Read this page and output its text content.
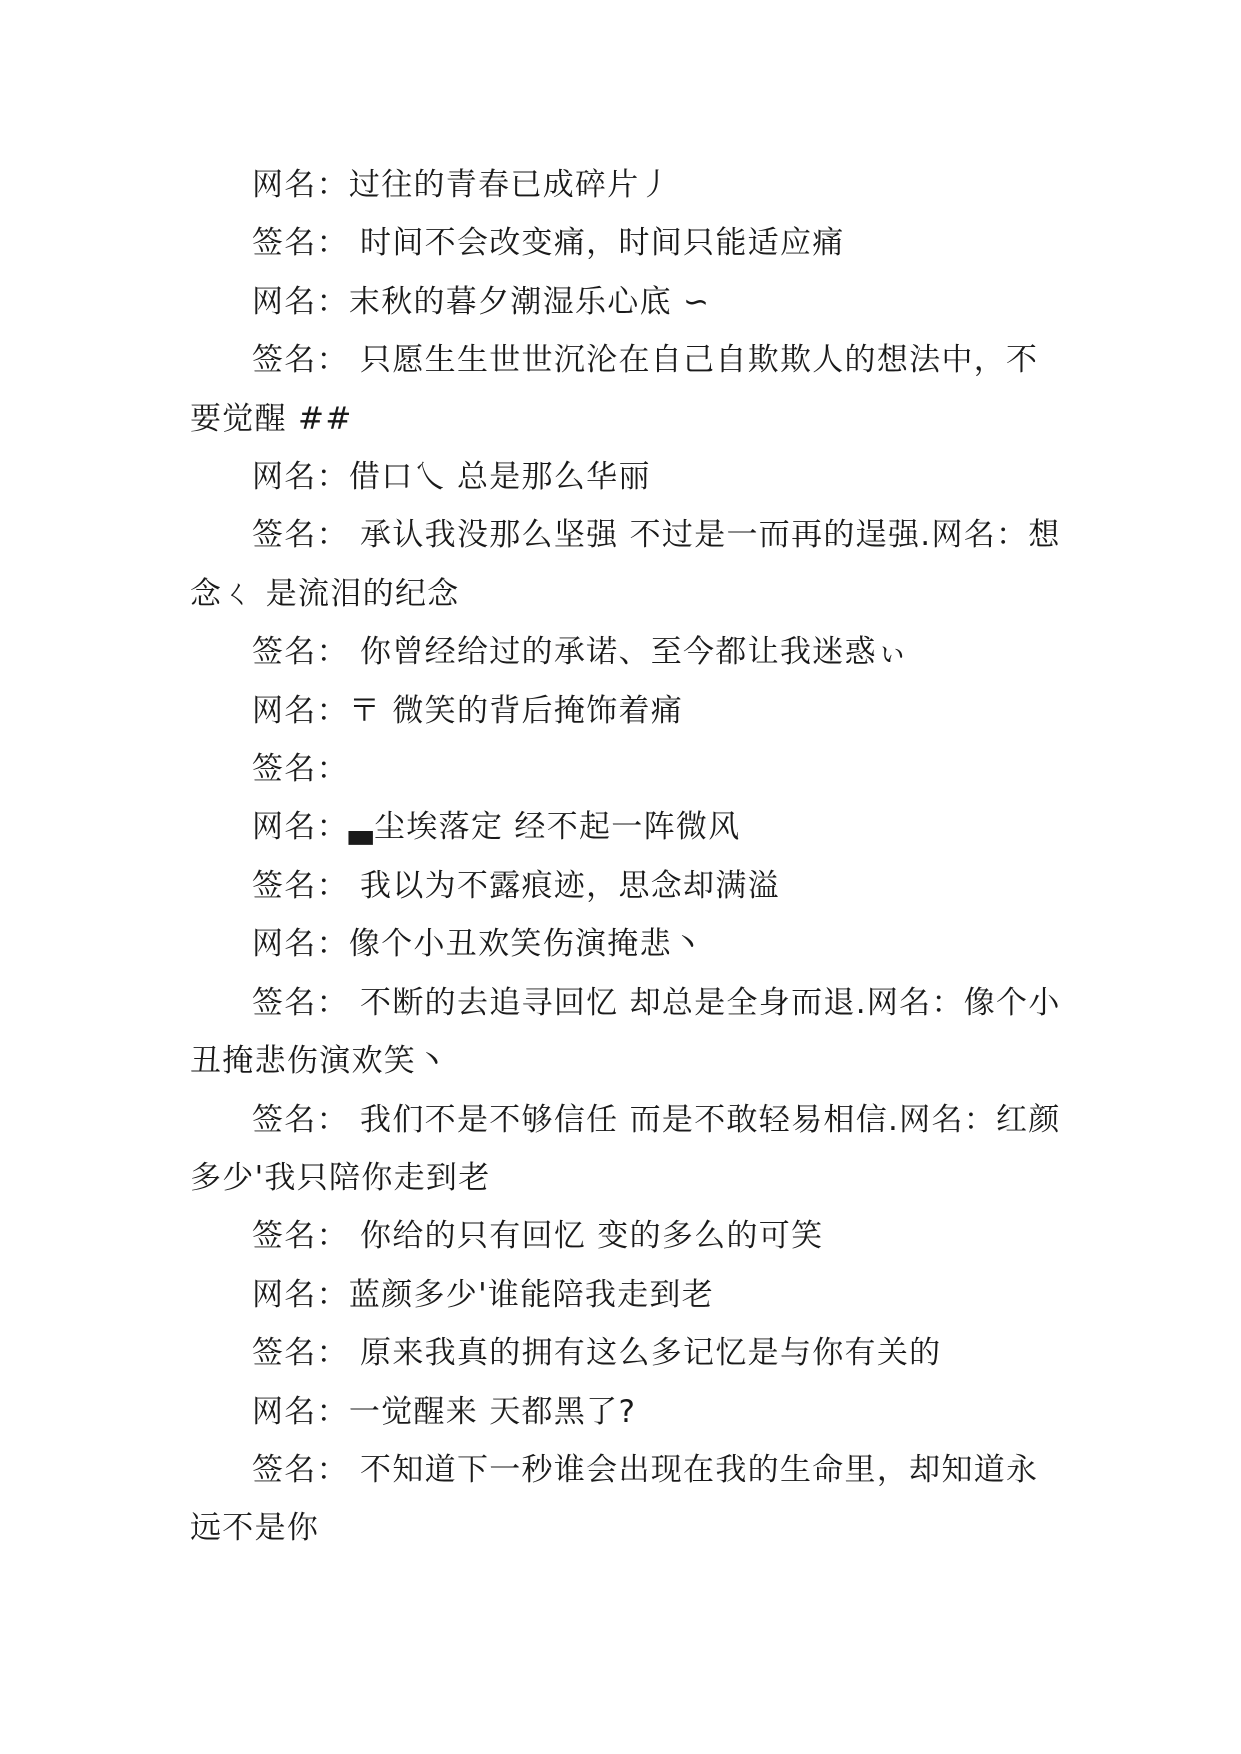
网名：过往的青春已成碎片丿

签名： 时间不会改变痛，时间只能适应痛

网名：末秋的暮夕潮湿乐心底 ∽

签名： 只愿生生世世沉沦在自己自欺欺人的想法中，不要觉醒 ##

网名：借口乀 总是那么华丽

签名： 承认我没那么坚强 不过是一而再的逞强.网名：想念ㄑ 是流泪的纪念

签名： 你曾经给过的承诺、至今都让我迷惑ぃ

网名：〒 微笑的背后掩饰着痛

签名：

网名：▃尘埃落定 经不起一阵微风

签名： 我以为不露痕迹，思念却满溢

网名：像个小丑欢笑伤演掩悲丶

签名： 不断的去追寻回忆 却总是全身而退.网名：像个小丑掩悲伤演欢笑丶

签名： 我们不是不够信任 而是不敢轻易相信.网名：红颜多少'我只陪你走到老

签名： 你给的只有回忆 变的多么的可笑

网名：蓝颜多少'谁能陪我走到老

签名： 原来我真的拥有这么多记忆是与你有关的

网名：一觉醒来 天都黑了?

签名： 不知道下一秒谁会出现在我的生命里，却知道永远不是你
